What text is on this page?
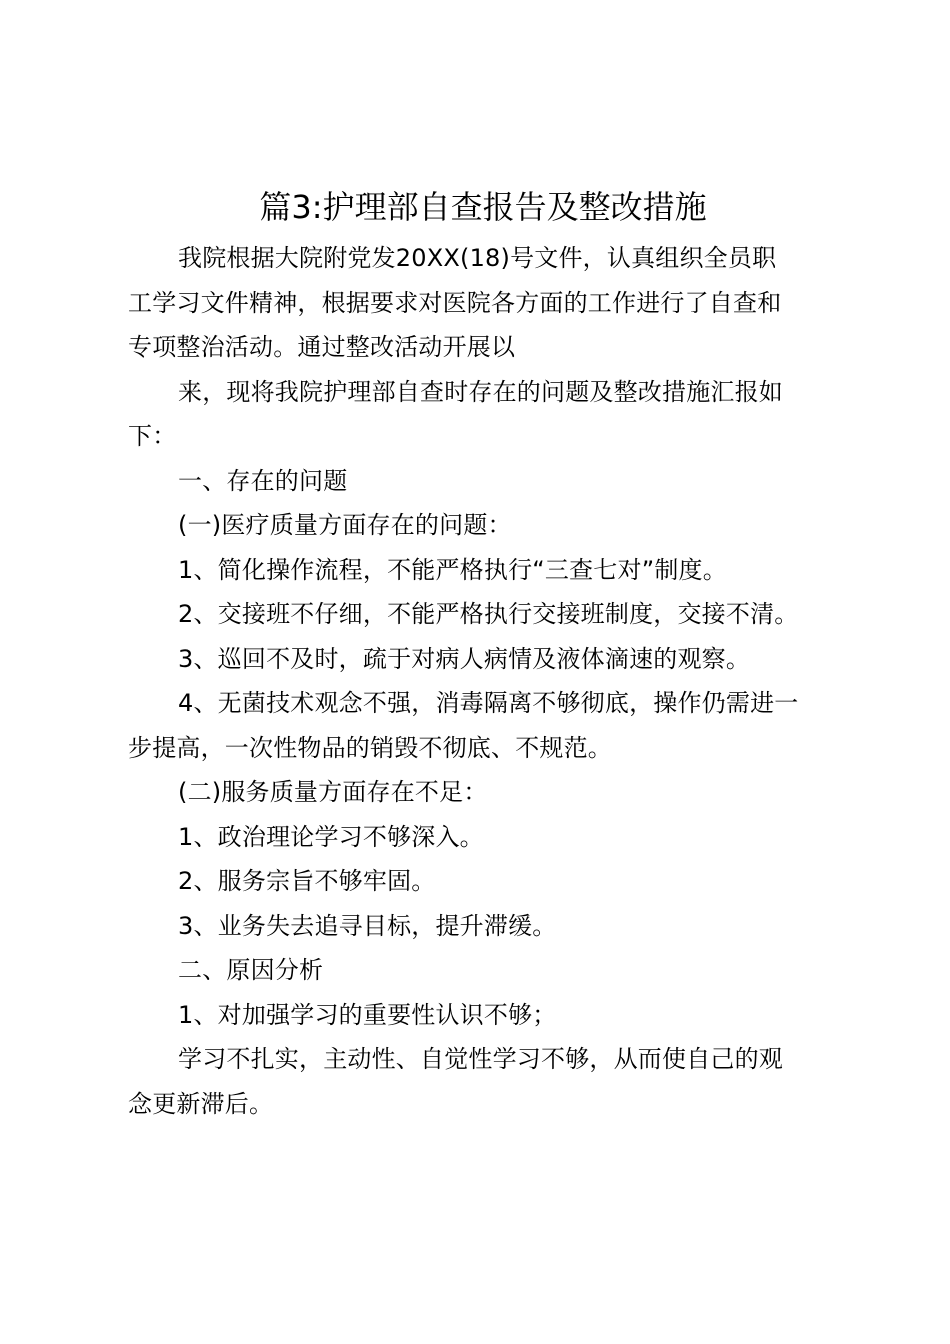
篇3:护理部自查报告及整改措施

我院根据大院附党发20XX(18)号文件，认真组织全员职
工学习文件精神，根据要求对医院各方面的工作进行了自查和
专项整治活动。通过整改活动开展以

来，现将我院护理部自查时存在的问题及整改措施汇报如
下：

一、存在的问题

(一)医疗质量方面存在的问题：

1、简化操作流程，不能严格执行“三查七对”制度。

2、交接班不仔细，不能严格执行交接班制度，交接不清。

3、巡回不及时，疏于对病人病情及液体滴速的观察。

4、无菌技术观念不强，消毒隔离不够彻底，操作仍需进一
步提高，一次性物品的销毁不彻底、不规范。

(二)服务质量方面存在不足：

1、政治理论学习不够深入。

2、服务宗旨不够牢固。

3、业务失去追寻目标，提升滞缓。

二、原因分析

1、对加强学习的重要性认识不够；

学习不扎实，主动性、自觉性学习不够，从而使自己的观
念更新滞后。
